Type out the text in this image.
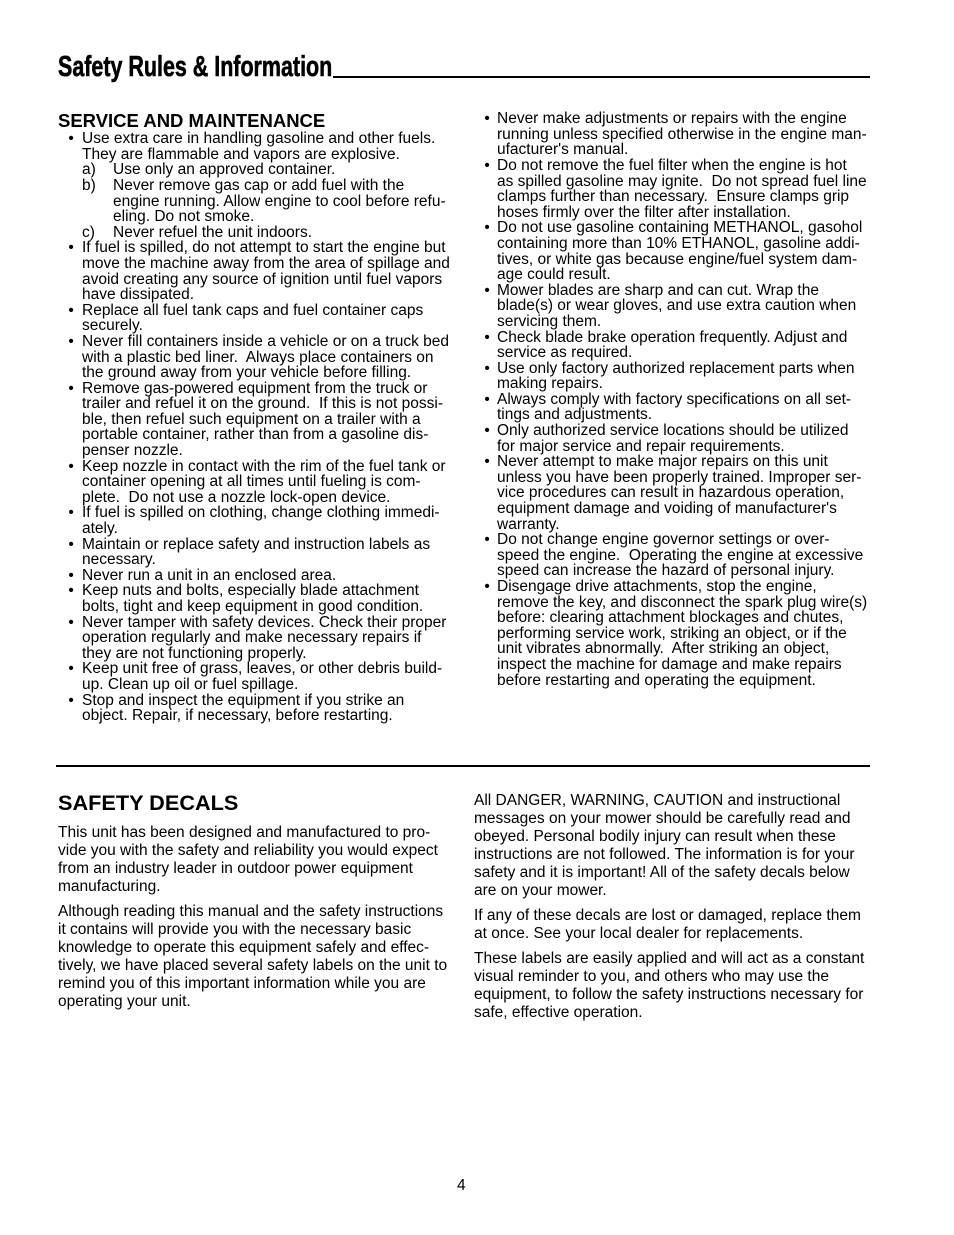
Safety Rules & Information
SERVICE AND MAINTENANCE
• Use extra care in handling gasoline and other fuels.
They are flammable and vapors are explosive.
a) Use only an approved container.
b) Never remove gas cap or add fuel with the
engine running. Allow engine to cool before refu-
eling. Do not smoke.
c) Never refuel the unit indoors.
• If fuel is spilled, do not attempt to start the engine but
move the machine away from the area of spillage and
avoid creating any source of ignition until fuel vapors
have dissipated.
• Replace all fuel tank caps and fuel container caps
securely.
• Never fill containers inside a vehicle or on a truck bed
with a plastic bed liner.  Always place containers on
the ground away from your vehicle before filling.
• Remove gas-powered equipment from the truck or
trailer and refuel it on the ground.  If this is not possi-
ble, then refuel such equipment on a trailer with a
portable container, rather than from a gasoline dis-
penser nozzle.
• Keep nozzle in contact with the rim of the fuel tank or
container opening at all times until fueling is com-
plete.  Do not use a nozzle lock-open device.
• If fuel is spilled on clothing, change clothing immedi-
ately.
• Maintain or replace safety and instruction labels as
necessary.
• Never run a unit in an enclosed area.
• Keep nuts and bolts, especially blade attachment
bolts, tight and keep equipment in good condition.
• Never tamper with safety devices. Check their proper
operation regularly and make necessary repairs if
they are not functioning properly.
• Keep unit free of grass, leaves, or other debris build-
up. Clean up oil or fuel spillage.
• Stop and inspect the equipment if you strike an
object. Repair, if necessary, before restarting.
• Never make adjustments or repairs with the engine
running unless specified otherwise in the engine man-
ufacturer's manual.
• Do not remove the fuel filter when the engine is hot
as spilled gasoline may ignite.  Do not spread fuel line
clamps further than necessary.  Ensure clamps grip
hoses firmly over the filter after installation.
• Do not use gasoline containing METHANOL, gasohol
containing more than 10% ETHANOL, gasoline addi-
tives, or white gas because engine/fuel system dam-
age could result.
• Mower blades are sharp and can cut. Wrap the
blade(s) or wear gloves, and use extra caution when
servicing them.
• Check blade brake operation frequently. Adjust and
service as required.
• Use only factory authorized replacement parts when
making repairs.
• Always comply with factory specifications on all set-
tings and adjustments.
• Only authorized service locations should be utilized
for major service and repair requirements.
• Never attempt to make major repairs on this unit
unless you have been properly trained. Improper ser-
vice procedures can result in hazardous operation,
equipment damage and voiding of manufacturer's
warranty.
• Do not change engine governor settings or over-
speed the engine.  Operating the engine at excessive
speed can increase the hazard of personal injury.
• Disengage drive attachments, stop the engine,
remove the key, and disconnect the spark plug wire(s)
before: clearing attachment blockages and chutes,
performing service work, striking an object, or if the
unit vibrates abnormally.  After striking an object,
inspect the machine for damage and make repairs
before restarting and operating the equipment.
SAFETY DECALS
This unit has been designed and manufactured to pro-
vide you with the safety and reliability you would expect
from an industry leader in outdoor power equipment
manufacturing.
Although reading this manual and the safety instructions
it contains will provide you with the necessary basic
knowledge to operate this equipment safely and effec-
tively, we have placed several safety labels on the unit to
remind you of this important information while you are
operating your unit.
All DANGER, WARNING, CAUTION and instructional
messages on your mower should be carefully read and
obeyed. Personal bodily injury can result when these
instructions are not followed. The information is for your
safety and it is important! All of the safety decals below
are on your mower.
If any of these decals are lost or damaged, replace them
at once. See your local dealer for replacements.
These labels are easily applied and will act as a constant
visual reminder to you, and others who may use the
equipment, to follow the safety instructions necessary for
safe, effective operation.
4
